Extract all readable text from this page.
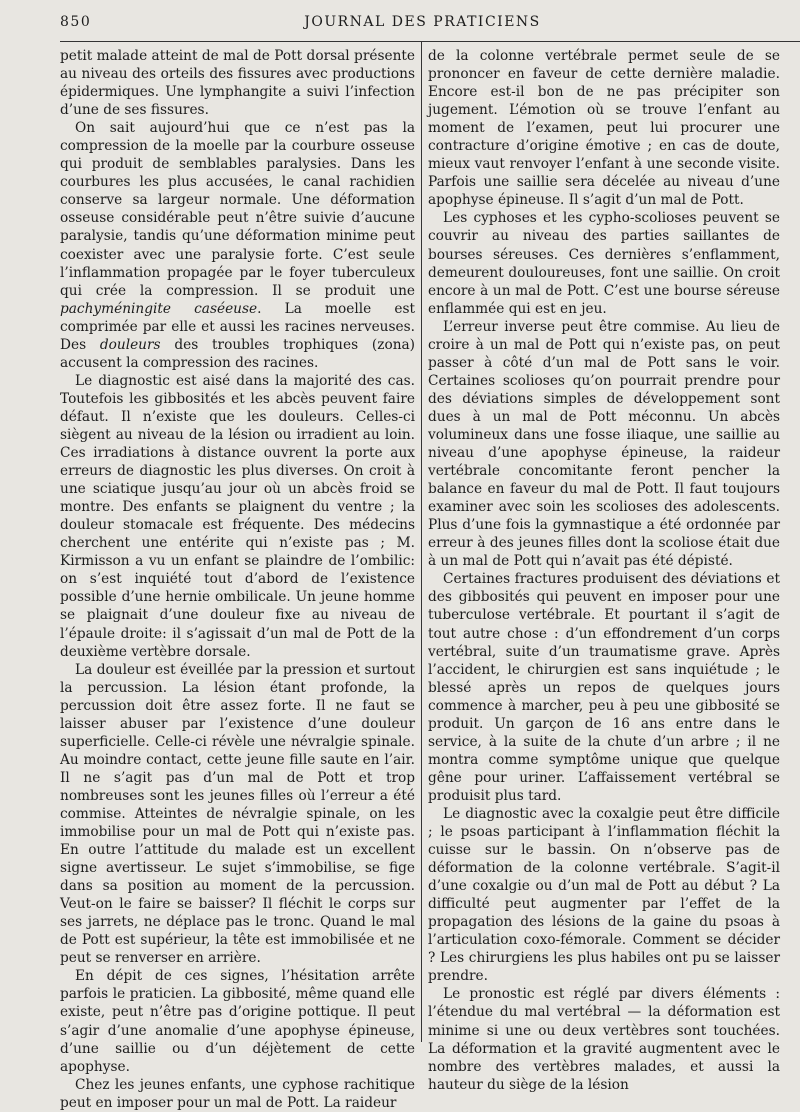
850	JOURNAL DES PRATICIENS

petit malade atteint de mal de Pott dorsal présente au niveau des orteils des fissures avec productions épidermiques. Une lymphangite a suivi l’infection d’une de ses fissures.

On sait aujourd’hui que ce n’est pas la compression de la moelle par la courbure osseuse qui produit de semblables paralysies. Dans les courbures les plus accusées, le canal rachidien conserve sa largeur normale. Une déformation osseuse considérable peut n’être suivie d’aucune paralysie, tandis qu’une déformation minime peut coexister avec une paralysie forte. C’est seule l’inflammation propagée par le foyer tuberculeux qui crée la compression. Il se produit une pachyméningite caséeuse. La moelle est comprimée par elle et aussi les racines nerveuses. Des douleurs des troubles trophiques (zona) accusent la compression des racines.

Le diagnostic est aisé dans la majorité des cas. Toutefois les gibbosités et les abcès peuvent faire défaut. Il n’existe que les douleurs. Celles-ci siègent au niveau de la lésion ou irradient au loin. Ces irradiations à distance ouvrent la porte aux erreurs de diagnostic les plus diverses. On croit à une sciatique jusqu’au jour où un abcès froid se montre. Des enfants se plaignent du ventre ; la douleur stomacale est fréquente. Des médecins cherchent une entérite qui n’existe pas ; M. Kirmisson a vu un enfant se plaindre de l’ombilic: on s’est inquiété tout d’abord de l’existence possible d’une hernie ombilicale. Un jeune homme se plaignait d’une douleur fixe au niveau de l’épaule droite: il s’agissait d’un mal de Pott de la deuxième vertèbre dorsale.

La douleur est éveillée par la pression et surtout la percussion. La lésion étant profonde, la percussion doit être assez forte. Il ne faut se laisser abuser par l’existence d’une douleur superficielle. Celle-ci révèle une névralgie spinale. Au moindre contact, cette jeune fille saute en l’air. Il ne s’agit pas d’un mal de Pott et trop nombreuses sont les jeunes filles où l’erreur a été commise. Atteintes de névralgie spinale, on les immobilise pour un mal de Pott qui n’existe pas. En outre l’attitude du malade est un excellent signe avertisseur. Le sujet s’immobilise, se fige dans sa position au moment de la percussion. Veut-on le faire se baisser? Il fléchit le corps sur ses jarrets, ne déplace pas le tronc. Quand le mal de Pott est supérieur, la tête est immobilisée et ne peut se renverser en arrière.

En dépit de ces signes, l’hésitation arrête parfois le praticien. La gibbosité, même quand elle existe, peut n’être pas d’origine pottique. Il peut s’agir d’une anomalie d’une apophyse épineuse, d’une saillie ou d’un déjètement de cette apophyse.

Chez les jeunes enfants, une cyphose rachitique peut en imposer pour un mal de Pott. La raideur

de la colonne vertébrale permet seule de se prononcer en faveur de cette dernière maladie. Encore est-il bon de ne pas précipiter son jugement. L’émotion où se trouve l’enfant au moment de l’examen, peut lui procurer une contracture d’origine émotive ; en cas de doute, mieux vaut renvoyer l’enfant à une seconde visite. Parfois une saillie sera décelée au niveau d’une apophyse épineuse. Il s’agit d’un mal de Pott.

Les cyphoses et les cypho-scolioses peuvent se couvrir au niveau des parties saillantes de bourses séreuses. Ces dernières s’enflamment, demeurent douloureuses, font une saillie. On croit encore à un mal de Pott. C’est une bourse séreuse enflammée qui est en jeu.

L’erreur inverse peut être commise. Au lieu de croire à un mal de Pott qui n’existe pas, on peut passer à côté d’un mal de Pott sans le voir. Certaines scolioses qu’on pourrait prendre pour des déviations simples de développement sont dues à un mal de Pott méconnu. Un abcès volumineux dans une fosse iliaque, une saillie au niveau d’une apophyse épineuse, la raideur vertébrale concomitante feront pencher la balance en faveur du mal de Pott. Il faut toujours examiner avec soin les scolioses des adolescents. Plus d’une fois la gymnastique a été ordonnée par erreur à des jeunes filles dont la scoliose était due à un mal de Pott qui n’avait pas été dépisté.

Certaines fractures produisent des déviations et des gibbosités qui peuvent en imposer pour une tuberculose vertébrale. Et pourtant il s’agit de tout autre chose : d’un effondrement d’un corps vertébral, suite d’un traumatisme grave. Après l’accident, le chirurgien est sans inquiétude ; le blessé après un repos de quelques jours commence à marcher, peu à peu une gibbosité se produit. Un garçon de 16 ans entre dans le service, à la suite de la chute d’un arbre ; il ne montra comme symptôme unique que quelque gêne pour uriner. L’affaissement vertébral se produisit plus tard.

Le diagnostic avec la coxalgie peut être difficile ; le psoas participant à l’inflammation fléchit la cuisse sur le bassin. On n’observe pas de déformation de la colonne vertébrale. S’agit-il d’une coxalgie ou d’un mal de Pott au début ? La difficulté peut augmenter par l’effet de la propagation des lésions de la gaine du psoas à l’articulation coxo-fémorale. Comment se décider ? Les chirurgiens les plus habiles ont pu se laisser prendre.

Le pronostic est réglé par divers éléments : l’étendue du mal vertébral — la déformation est minime si une ou deux vertèbres sont touchées. La déformation et la gravité augmentent avec le nombre des vertèbres malades, et aussi la hauteur du siège de la lésion
